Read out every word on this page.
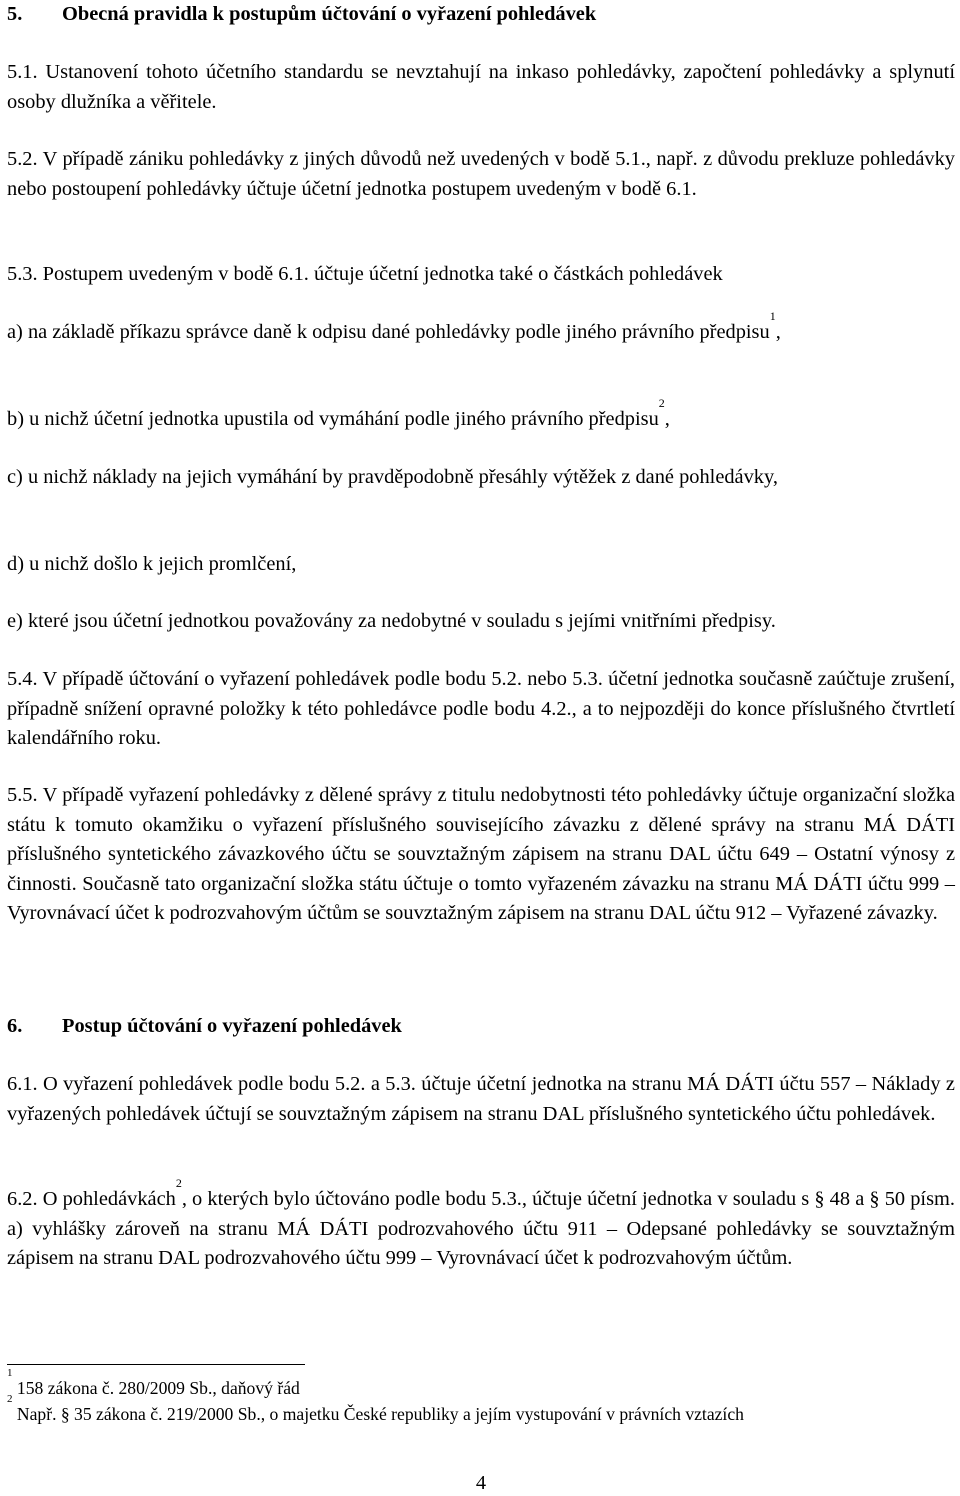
5. Obecná pravidla k postupům účtování o vyřazení pohledávek
5.1. Ustanovení tohoto účetního standardu se nevztahují na inkaso pohledávky, započtení pohledávky a splynutí osoby dlužníka a věřitele.
5.2. V případě zániku pohledávky z jiných důvodů než uvedených v bodě 5.1., např. z důvodu prekluze pohledávky nebo postoupení pohledávky účtuje účetní jednotka postupem uvedeným v bodě 6.1.
5.3. Postupem uvedeným v bodě 6.1. účtuje účetní jednotka také o částkách pohledávek
a) na základě příkazu správce daně k odpisu dané pohledávky podle jiného právního předpisu$^1$,
b) u nichž účetní jednotka upustila od vymáhání podle jiného právního předpisu$^2$,
c) u nichž náklady na jejich vymáhání by pravděpodobně přesáhly výtěžek z dané pohledávky,
d) u nichž došlo k jejich promlčení,
e) které jsou účetní jednotkou považovány za nedobytné v souladu s jejími vnitřními předpisy.
5.4. V případě účtování o vyřazení pohledávek podle bodu 5.2. nebo 5.3. účetní jednotka současně zaúčtuje zrušení, případně snížení opravné položky k této pohledávce podle bodu 4.2., a to nejpozději do konce příslušného čtvrtletí kalendářního roku.
5.5. V případě vyřazení pohledávky z dělené správy z titulu nedobytnosti této pohledávky účtuje organizační složka státu k tomuto okamžiku o vyřazení příslušného souvisejícího závazku z dělené správy na stranu MÁ DÁTI příslušného syntetického závazkového účtu se souvztažným zápisem na stranu DAL účtu 649 – Ostatní výnosy z činnosti. Současně tato organizační složka státu účtuje o tomto vyřazeném závazku na stranu MÁ DÁTI účtu 999 – Vyrovnávací účet k podrozvahovým účtům se souvztažným zápisem na stranu DAL účtu 912 – Vyřazené závazky.
6. Postup účtování o vyřazení pohledávek
6.1. O vyřazení pohledávek podle bodu 5.2. a 5.3. účtuje účetní jednotka na stranu MÁ DÁTI účtu 557 – Náklady z vyřazených pohledávek účtují se souvztažným zápisem na stranu DAL příslušného syntetického účtu pohledávek.
6.2. O pohledávkách$^2$, o kterých bylo účtováno podle bodu 5.3., účtuje účetní jednotka v souladu s § 48 a § 50 písm. a) vyhlášky zároveň na stranu MÁ DÁTI podrozvahového účtu 911 – Odepsané pohledávky se souvztažným zápisem na stranu DAL podrozvahového účtu 999 – Vyrovnávací účet k podrozvahovým účtům.
$^1$ 158 zákona č. 280/2009 Sb., daňový řád
$^2$ Např. § 35 zákona č. 219/2000 Sb., o majetku České republiky a jejím vystupování v právních vztazích
4
